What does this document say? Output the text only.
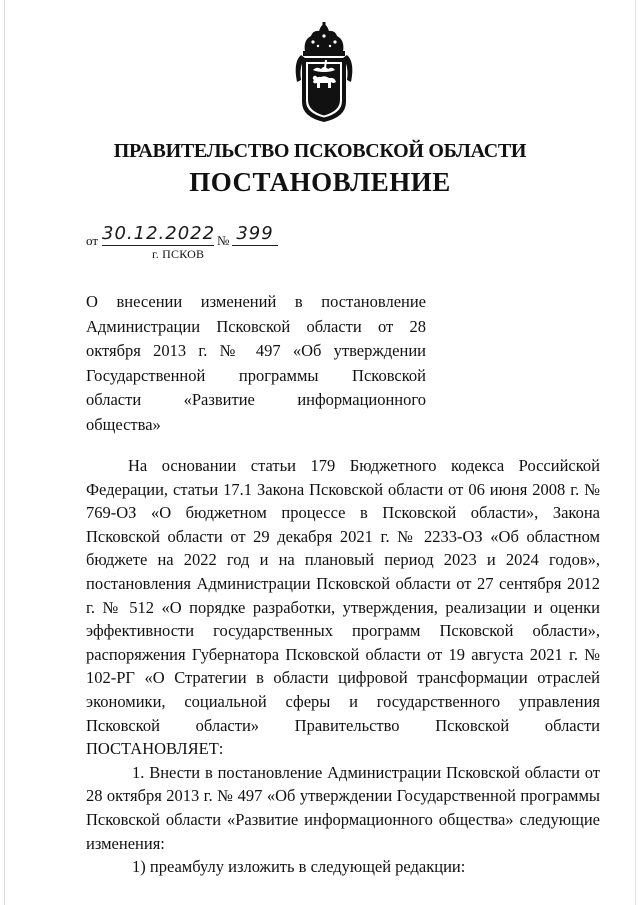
ПРАВИТЕЛЬСТВО ПСКОВСКОЙ ОБЛАСТИ
ПОСТАНОВЛЕНИЕ
от 30.12.2022 № 399
г. ПСКОВ
О внесении изменений в постановление Администрации Псковской области от 28 октября 2013 г. № 497 «Об утверждении Государственной программы Псковской области «Развитие информационного общества»

На основании статьи 179 Бюджетного кодекса Российской Федерации, статьи 17.1 Закона Псковской области от 06 июня 2008 г. № 769-ОЗ «О бюджетном процессе в Псковской области», Закона Псковской области от 29 декабря 2021 г. № 2233-ОЗ «Об областном бюджете на 2022 год и на плановый период 2023 и 2024 годов», постановления Администрации Псковской области от 27 сентября 2012 г. № 512 «О порядке разработки, утверждения, реализации и оценки эффективности государственных программ Псковской области», распоряжения Губернатора Псковской области от 19 августа 2021 г. № 102-РГ «О Стратегии в области цифровой трансформации отраслей экономики, социальной сферы и государственного управления Псковской области» Правительство Псковской области ПОСТАНОВЛЯЕТ:

1. Внести в постановление Администрации Псковской области от 28 октября 2013 г. № 497 «Об утверждении Государственной программы Псковской области «Развитие информационного общества» следующие изменения:

1) преамбулу изложить в следующей редакции:
